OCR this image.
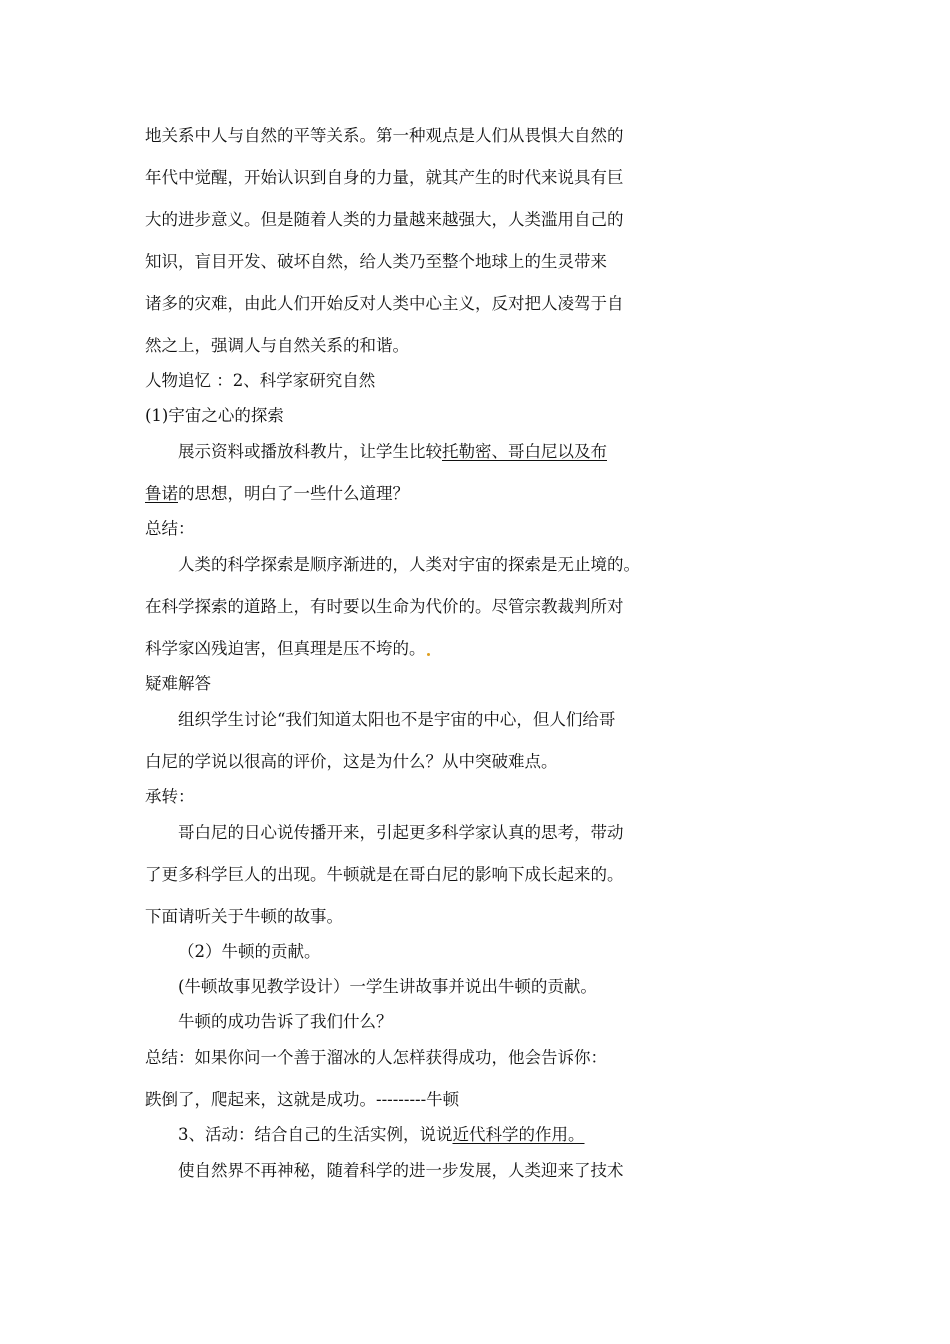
地关系中人与自然的平等关系。第一种观点是人们从畏惧大自然的
年代中觉醒，开始认识到自身的力量，就其产生的时代来说具有巨
大的进步意义。但是随着人类的力量越来越强大，人类滥用自己的
知识，盲目开发、破坏自然，给人类乃至整个地球上的生灵带来
诸多的灾难，由此人们开始反对人类中心主义，反对把人凌驾于自
然之上，强调人与自然关系的和谐。
人物追忆 ：2、科学家研究自然
(1)宇宙之心的探索
展示资料或播放科教片，让学生比较托勒密、哥白尼以及布
鲁诺的思想，明白了一些什么道理？
总结：
人类的科学探索是顺序渐进的，人类对宇宙的探索是无止境的。
在科学探索的道路上，有时要以生命为代价的。尽管宗教裁判所对
科学家凶残迫害，但真理是压不垮的。
疑难解答
组织学生讨论“我们知道太阳也不是宇宙的中心，但人们给哥
白尼的学说以很高的评价，这是为什么？从中突破难点。
承转：
哥白尼的日心说传播开来，引起更多科学家认真的思考，带动
了更多科学巨人的出现。牛顿就是在哥白尼的影响下成长起来的。
下面请听关于牛顿的故事。
（2）牛顿的贡献。
(牛顿故事见教学设计）一学生讲故事并说出牛顿的贡献。
牛顿的成功告诉了我们什么？
总结：如果你问一个善于溜冰的人怎样获得成功，他会告诉你：
跌倒了，爬起来，这就是成功。---------牛顿
3、活动：结合自己的生活实例，说说近代科学的作用。
使自然界不再神秘，随着科学的进一步发展，人类迎来了技术
